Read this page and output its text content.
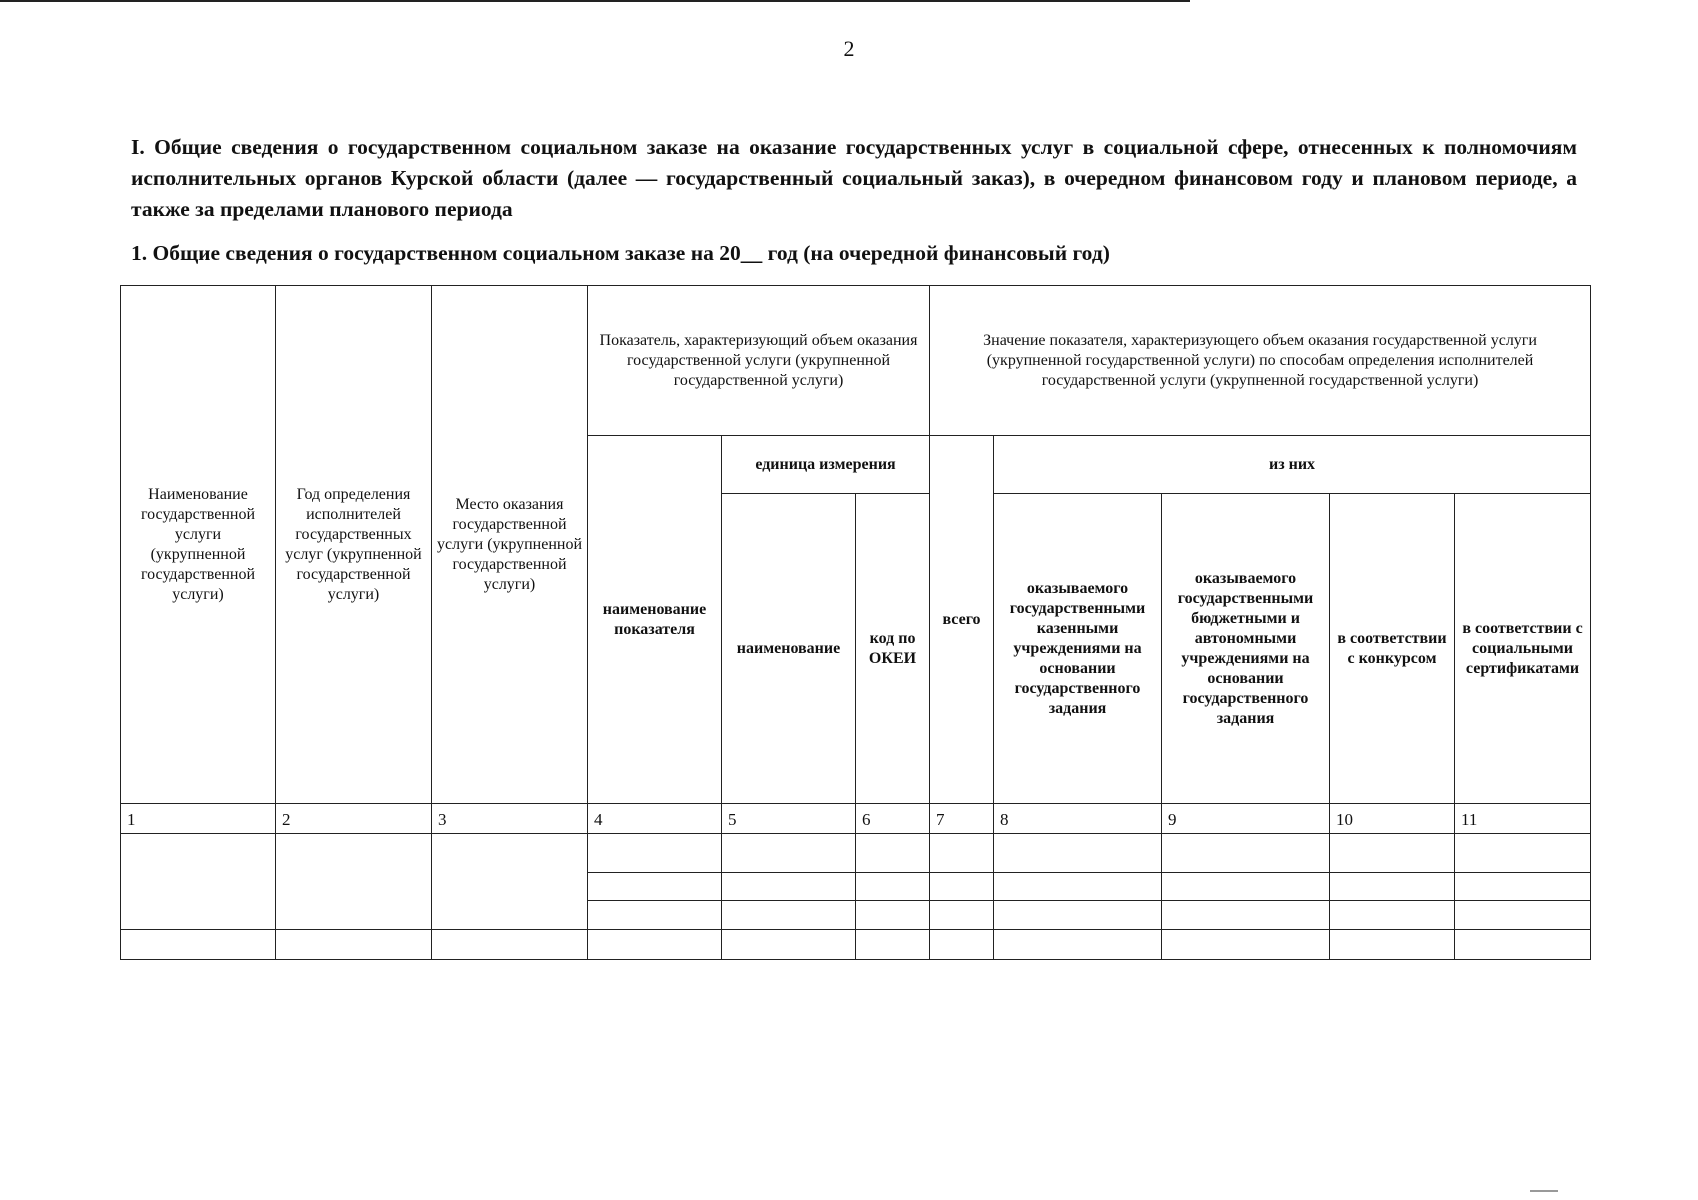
2
I. Общие сведения о государственном социальном заказе на оказание государственных услуг в социальной сфере, отнесенных к полномочиям исполнительных органов Курской области (далее — государственный социальный заказ), в очередном финансовом году и плановом периоде, а также за пределами планового периода
1. Общие сведения о государственном социальном заказе на 20__ год (на очередной финансовый год)
Наименование государственной услуги (укрупненной государственной услуги)	Год определения исполнителей государственных услуг (укрупненной государственной услуги)	Место оказания государственной услуги (укрупненной государственной услуги)	Показатель, характеризующий объем оказания государственной услуги (укрупненной государственной услуги)			Значение показателя, характеризующего объем оказания государственной услуги (укрупненной государственной услуги) по способам определения исполнителей государственной услуги (укрупненной государственной услуги)				
			наименование показателя	единица измерения		всего	из них			
				наименование	код по ОКЕИ		оказываемого государственными казенными учреждениями на основании государственного задания	оказываемого государственными бюджетными и автономными учреждениями на основании государственного задания	в соответствии с конкурсом	в соответствии с социальными сертификатами
1	2	3	4	5	6	7	8	9	10	11
